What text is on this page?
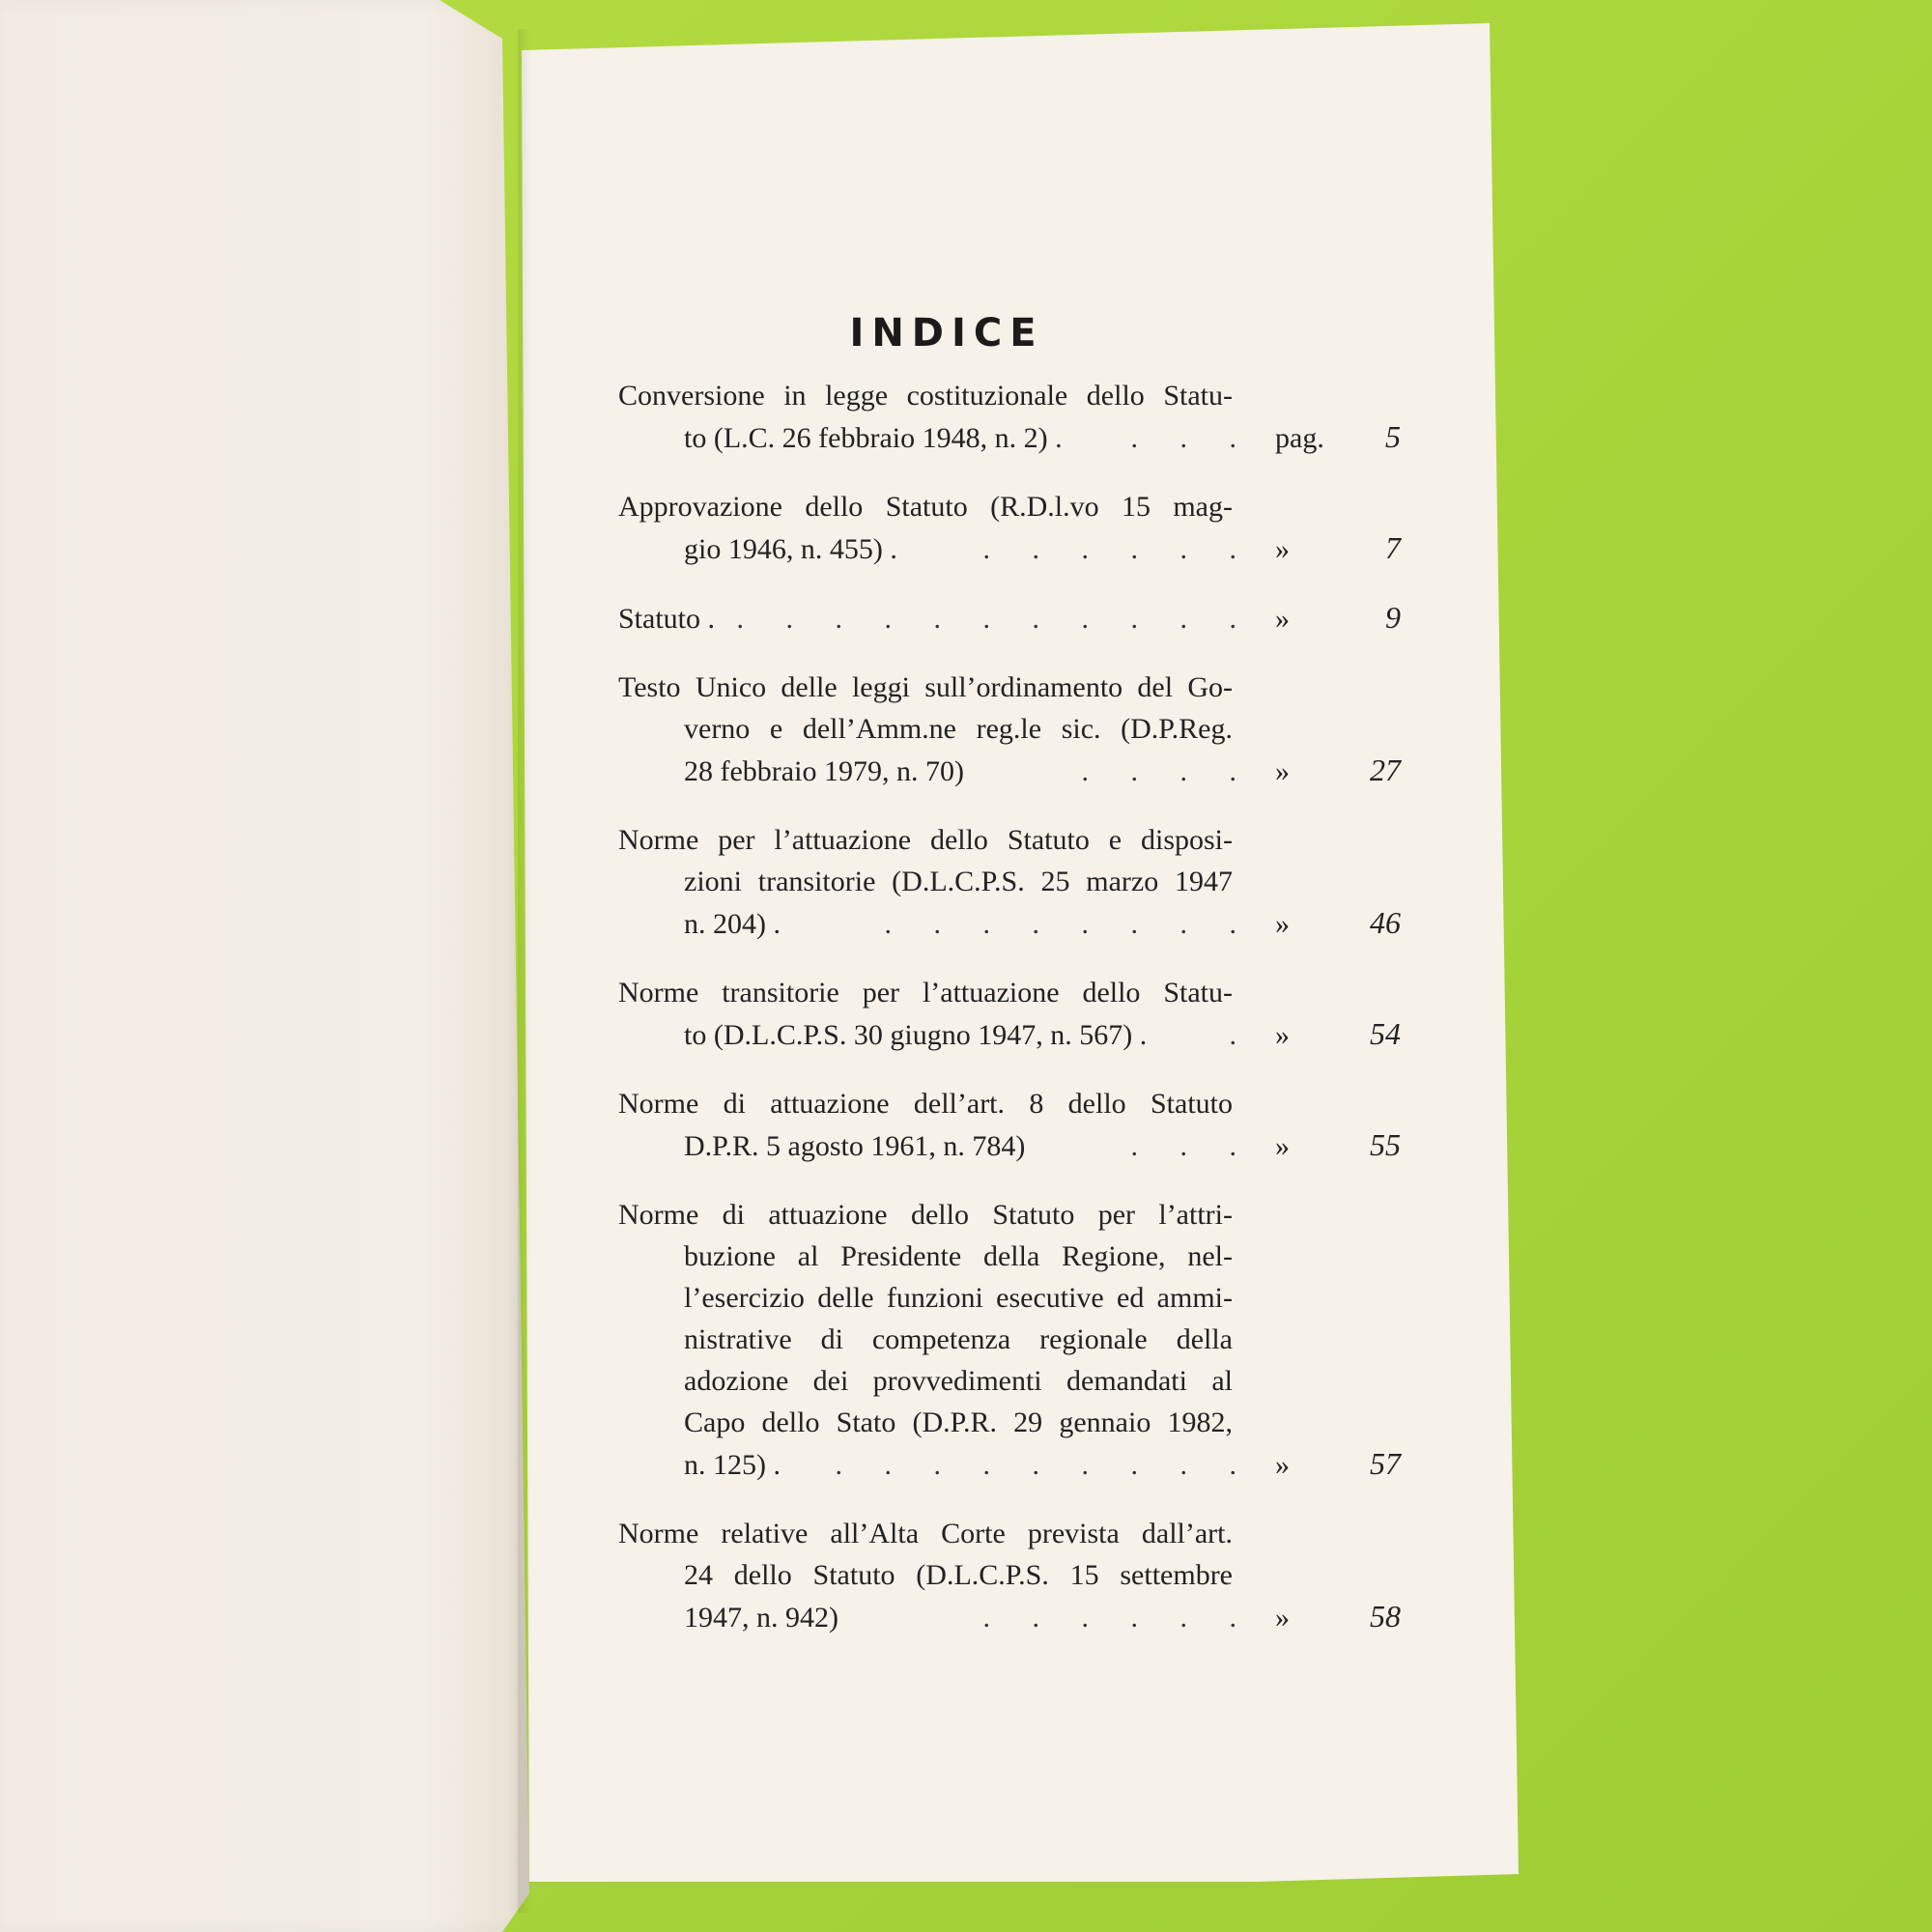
INDICE
Conversione in legge costituzionale dello Statu-
to (L.C. 26 febbraio 1948, n. 2) .	. . . pag.	5
Approvazione dello Statuto (R.D.l.vo 15 mag-
gio 1946, n. 455) .	. . . . . . »	7
Statuto . . . . . . . . . . . . »	9
Testo Unico delle leggi sull’ordinamento del Go-
verno e dell’Amm.ne reg.le sic. (D.P.Reg.
28 febbraio 1979, n. 70)	. . . . »	27
Norme per l’attuazione dello Statuto e disposi-
zioni transitorie (D.L.C.P.S. 25 marzo 1947
n. 204) .	. . . . . . . . »	46
Norme transitorie per l’attuazione dello Statu-
to (D.L.C.P.S. 30 giugno 1947, n. 567) .	. »	54
Norme di attuazione dell’art. 8 dello Statuto
D.P.R. 5 agosto 1961, n. 784)	. . . »	55
Norme di attuazione dello Statuto per l’attri-
buzione al Presidente della Regione, nel-
l’esercizio delle funzioni esecutive ed ammi-
nistrative di competenza regionale della
adozione dei provvedimenti demandati al
Capo dello Stato (D.P.R. 29 gennaio 1982,
n. 125) .	. . . . . . . . . »	57
Norme relative all’Alta Corte prevista dall’art.
24 dello Statuto (D.L.C.P.S. 15 settembre
1947, n. 942)	. . . . . . »	58
